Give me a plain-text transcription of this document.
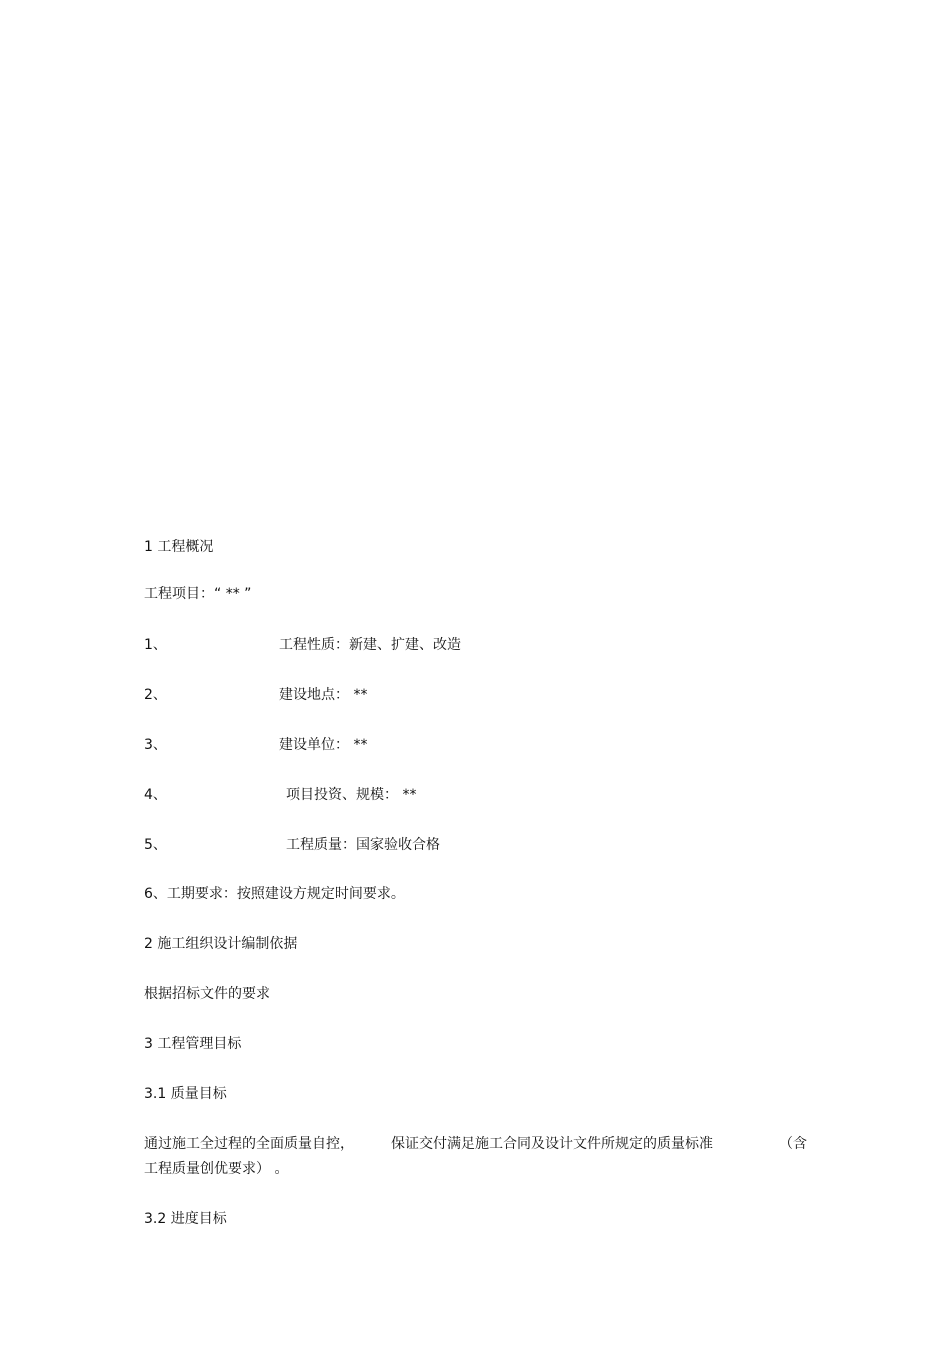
1 工程概况
工程项目：“ ** ”
1、	工程性质：新建、扩建、改造
2、	建设地点： **
3、	建设单位： **
4、	项目投资、规模： **
5、	工程质量：国家验收合格
6、工期要求：按照建设方规定时间要求。
2 施工组织设计编制依据
根据招标文件的要求
3 工程管理目标
3.1 质量目标
通过施工全过程的全面质量自控，	保证交付满足施工合同及设计文件所规定的质量标准	（含
工程质量创优要求） 。
3.2 进度目标
